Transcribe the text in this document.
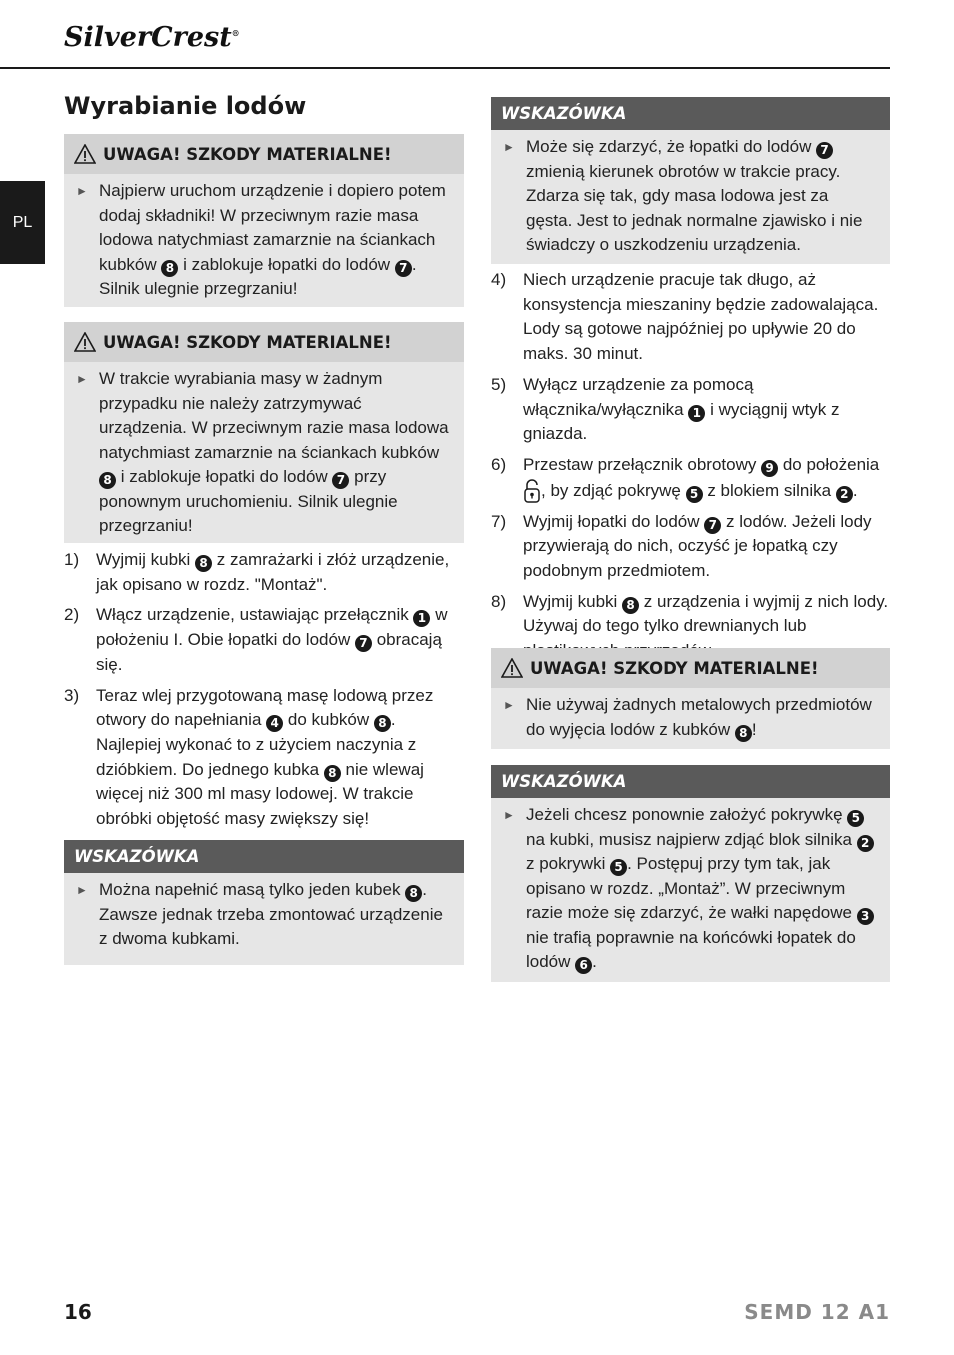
SilverCrest®
PL
Wyrabianie lodów
UWAGA! SZKODY MATERIALNE!
► Najpierw uruchom urządzenie i dopiero potem dodaj składniki! W przeciwnym razie masa lodowa natychmiast zamarznie na ściankach kubków 8 i zablokuje łopatki do lodów 7 . Silnik ulegnie przegrzaniu!
UWAGA! SZKODY MATERIALNE!
► W trakcie wyrabiania masy w żadnym przypadku nie należy zatrzymywać urządzenia. W przeciwnym razie masa lodowa natychmiast zamarznie na ściankach kubków 8 i zablokuje łopatki do lodów 7 przy ponownym uruchomieniu. Silnik ulegnie przegrzaniu!
1) Wyjmij kubki 8 z zamrażarki i złóż urządzenie, jak opisano w rozdz. "Montaż".
2) Włącz urządzenie, ustawiając przełącznik 1 w położeniu I. Obie łopatki do lodów 7 obracają się.
3) Teraz wlej przygotowaną masę lodową przez otwory do napełniania 4 do kubków 8 . Najlepiej wykonać to z użyciem naczynia z dzióbkiem. Do jednego kubka 8 nie wlewaj więcej niż 300 ml masy lodowej. W trakcie obróbki objętość masy zwiększy się!
WSKAZÓWKA
► Można napełnić masą tylko jeden kubek 8 . Zawsze jednak trzeba zmontować urządzenie z dwoma kubkami.
WSKAZÓWKA
► Może się zdarzyć, że łopatki do lodów 7 zmienią kierunek obrotów w trakcie pracy. Zdarza się tak, gdy masa lodowa jest za gęsta. Jest to jednak normalne zjawisko i nie świadczy o uszkodzeniu urządzenia.
4) Niech urządzenie pracuje tak długo, aż konsystencja mieszaniny będzie zadowalająca. Lody są gotowe najpóźniej po upływie 20 do maks. 30 minut.
5) Wyłącz urządzenie za pomocą włącznika/wyłącznika 1 i wyciągnij wtyk z gniazda.
6) Przestaw przełącznik obrotowy 9 do położenia , by zdjąć pokrywę 5 z blokiem silnika 2 .
7) Wyjmij łopatki do lodów 7 z lodów. Jeżeli lody przywierają do nich, oczyść je łopatką czy podobnym przedmiotem.
8) Wyjmij kubki 8 z urządzenia i wyjmij z nich lody. Używaj do tego tylko drewnianych lub
UWAGA! SZKODY MATERIALNE!
► Nie używaj żadnych metalowych przedmiotów do wyjęcia lodów z kubków 8 !
WSKAZÓWKA
► Jeżeli chcesz ponownie założyć pokrywkę 5 na kubki, musisz najpierw zdjąć blok silnika 2 z pokrywki 5 . Postępuj przy tym tak, jak opisano w rozdz. „Montaż”. W przeciwnym razie może się zdarzyć, że wałki napędowe 3 nie trafią poprawnie na końcówki łopatek do lodów 6 .
16	SEMD 12 A1
